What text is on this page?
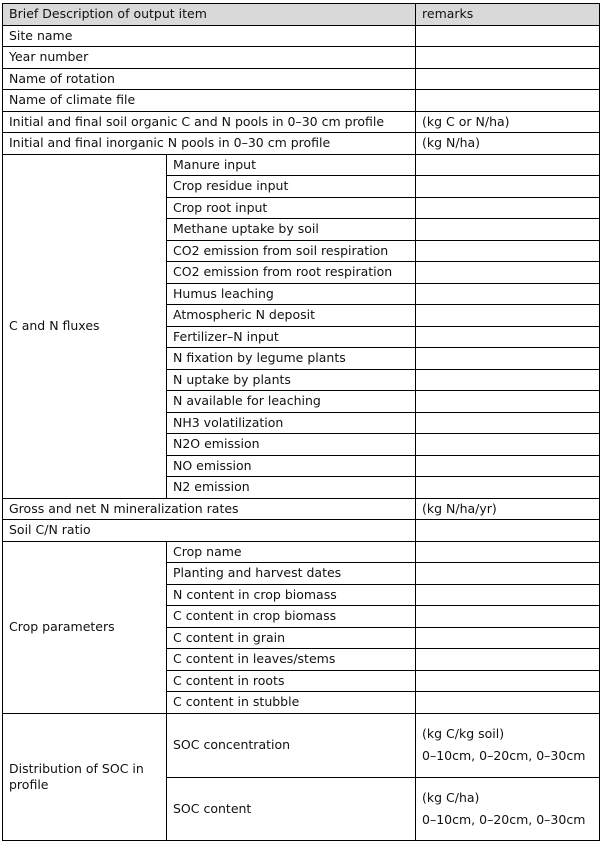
Brief Description of output item		remarks
Site name		
Year number		
Name of rotation		
Name of climate file		
Initial and final soil organic C and N pools in 0–30 cm profile		(kg C or N/ha)
Initial and final inorganic N pools in 0–30 cm profile		(kg N/ha)
C and N fluxes	Manure input	
	Crop residue input	
	Crop root input	
	Methane uptake by soil	
	CO2 emission from soil respiration	
	CO2 emission from root respiration	
	Humus leaching	
	Atmospheric N deposit	
	Fertilizer–N input	
	N fixation by legume plants	
	N uptake by plants	
	N available for leaching	
	NH3 volatilization	
	N2O emission	
	NO emission	
	N2 emission	
Gross and net N mineralization rates		(kg N/ha/yr)
Soil C/N ratio		
Crop parameters	Crop name	
	Planting and harvest dates	
	N content in crop biomass	
	C content in crop biomass	
	C content in grain	
	C content in leaves/stems	
	C content in roots	
	C content in stubble	
Distribution of SOC in profile	SOC concentration	(kg C/kg soil)
0–10cm, 0–20cm, 0–30cm

	SOC content	(kg C/ha)
0–10cm, 0–20cm, 0–30cm
